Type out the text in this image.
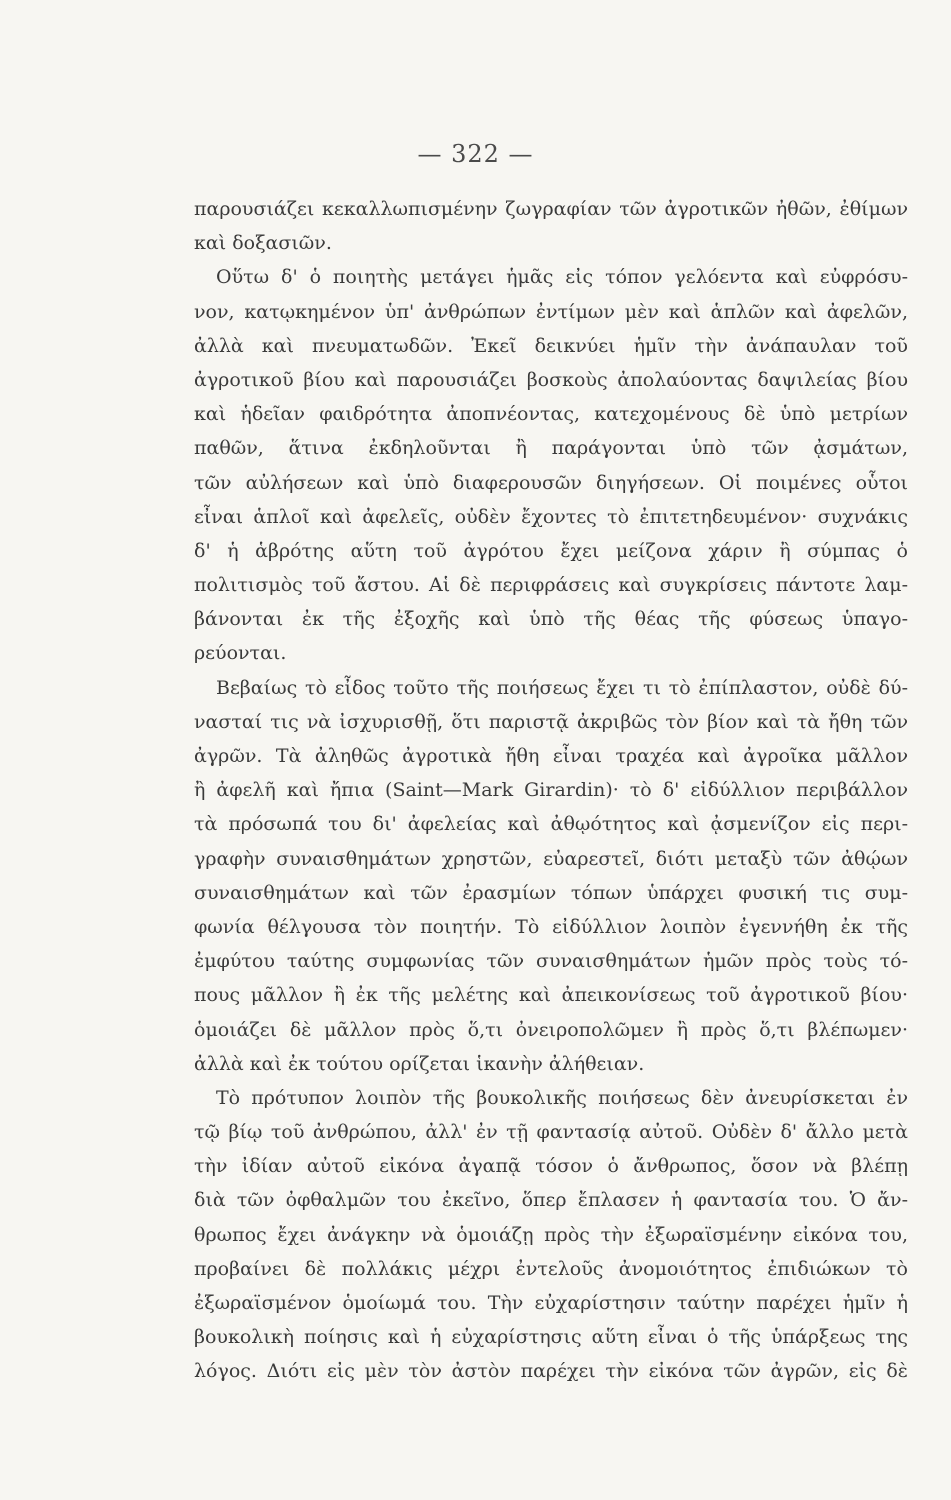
— 322 —
παρουσιάζει κεκαλλωπισμένην ζωγραφίαν τῶν ἀγροτικῶν ἠθῶν, ἐθίμων
καὶ δοξασιῶν.
Οὕτω δ' ὁ ποιητὴς μετάγει ἡμᾶς εἰς τόπον γελόεντα καὶ εὐφρόσυ-
νον, κατῳκημένον ὑπ' ἀνθρώπων ἐντίμων μὲν καὶ ἁπλῶν καὶ ἀφελῶν,
ἀλλὰ καὶ πνευματωδῶν. Ἐκεῖ δεικνύει ἡμῖν τὴν ἀνάπαυλαν τοῦ
ἀγροτικοῦ βίου καὶ παρουσιάζει βοσκοὺς ἀπολαύοντας δαψιλείας βίου
καὶ ἡδεῖαν φαιδρότητα ἀποπνέοντας, κατεχομένους δὲ ὑπὸ μετρίων
παθῶν, ἅτινα ἐκδηλοῦνται ἢ παράγονται ὑπὸ τῶν ᾀσμάτων,
τῶν αὐλήσεων καὶ ὑπὸ διαφερουσῶν διηγήσεων. Οἱ ποιμένες οὗτοι
εἶναι ἁπλοῖ καὶ ἀφελεῖς, οὐδὲν ἔχοντες τὸ ἐπιτετηδευμένον· συχνάκις
δ' ἡ ἁβρότης αὕτη τοῦ ἀγρότου ἔχει μείζονα χάριν ἢ σύμπας ὁ
πολιτισμὸς τοῦ ἄστου. Αἱ δὲ περιφράσεις καὶ συγκρίσεις πάντοτε λαμ-
βάνονται ἐκ τῆς ἐξοχῆς καὶ ὑπὸ τῆς θέας τῆς φύσεως ὑπαγο-
ρεύονται.
Βεβαίως τὸ εἶδος τοῦτο τῆς ποιήσεως ἔχει τι τὸ ἐπίπλαστον, οὐδὲ δύ-
νασταί τις νὰ ἰσχυρισθῇ, ὅτι παριστᾷ ἀκριβῶς τὸν βίον καὶ τὰ ἤθη τῶν
ἀγρῶν. Τὰ ἀληθῶς ἀγροτικὰ ἤθη εἶναι τραχέα καὶ ἀγροῖκα μᾶλλον
ἢ ἀφελῆ καὶ ἤπια (Saint—Mark Girardin)· τὸ δ' εἰδύλλιον περιβάλλον
τὰ πρόσωπά του δι' ἀφελείας καὶ ἀθῳότητος καὶ ᾀσμενίζον εἰς περι-
γραφὴν συναισθημάτων χρηστῶν, εὐαρεστεῖ, διότι μεταξὺ τῶν ἀθῴων
συναισθημάτων καὶ τῶν ἐρασμίων τόπων ὑπάρχει φυσική τις συμ-
φωνία θέλγουσα τὸν ποιητήν. Τὸ εἰδύλλιον λοιπὸν ἐγεννήθη ἐκ τῆς
ἐμφύτου ταύτης συμφωνίας τῶν συναισθημάτων ἡμῶν πρὸς τοὺς τό-
πους μᾶλλον ἢ ἐκ τῆς μελέτης καὶ ἀπεικονίσεως τοῦ ἀγροτικοῦ βίου·
ὁμοιάζει δὲ μᾶλλον πρὸς ὅ,τι ὀνειροπολῶμεν ἢ πρὸς ὅ,τι βλέπωμεν·
ἀλλὰ καὶ ἐκ τούτου ορίζεται ἱκανὴν ἀλήθειαν.
Τὸ πρότυπον λοιπὸν τῆς βουκολικῆς ποιήσεως δὲν ἀνευρίσκεται ἐν
τῷ βίῳ τοῦ ἀνθρώπου, ἀλλ' ἐν τῇ φαντασίᾳ αὐτοῦ. Οὐδὲν δ' ἄλλο μετὰ
τὴν ἰδίαν αὐτοῦ εἰκόνα ἀγαπᾷ τόσον ὁ ἄνθρωπος, ὅσον νὰ βλέπῃ
διὰ τῶν ὀφθαλμῶν του ἐκεῖνο, ὅπερ ἔπλασεν ἡ φαντασία του. Ὁ ἄν-
θρωπος ἔχει ἀνάγκην νὰ ὁμοιάζῃ πρὸς τὴν ἐξωραϊσμένην εἰκόνα του,
προβαίνει δὲ πολλάκις μέχρι ἐντελοῦς ἀνομοιότητος ἐπιδιώκων τὸ
ἐξωραϊσμένον ὁμοίωμά του. Τὴν εὐχαρίστησιν ταύτην παρέχει ἡμῖν ἡ
βουκολικὴ ποίησις καὶ ἡ εὐχαρίστησις αὕτη εἶναι ὁ τῆς ὑπάρξεως της
λόγος. Διότι εἰς μὲν τὸν ἀστὸν παρέχει τὴν εἰκόνα τῶν ἀγρῶν, εἰς δὲ
